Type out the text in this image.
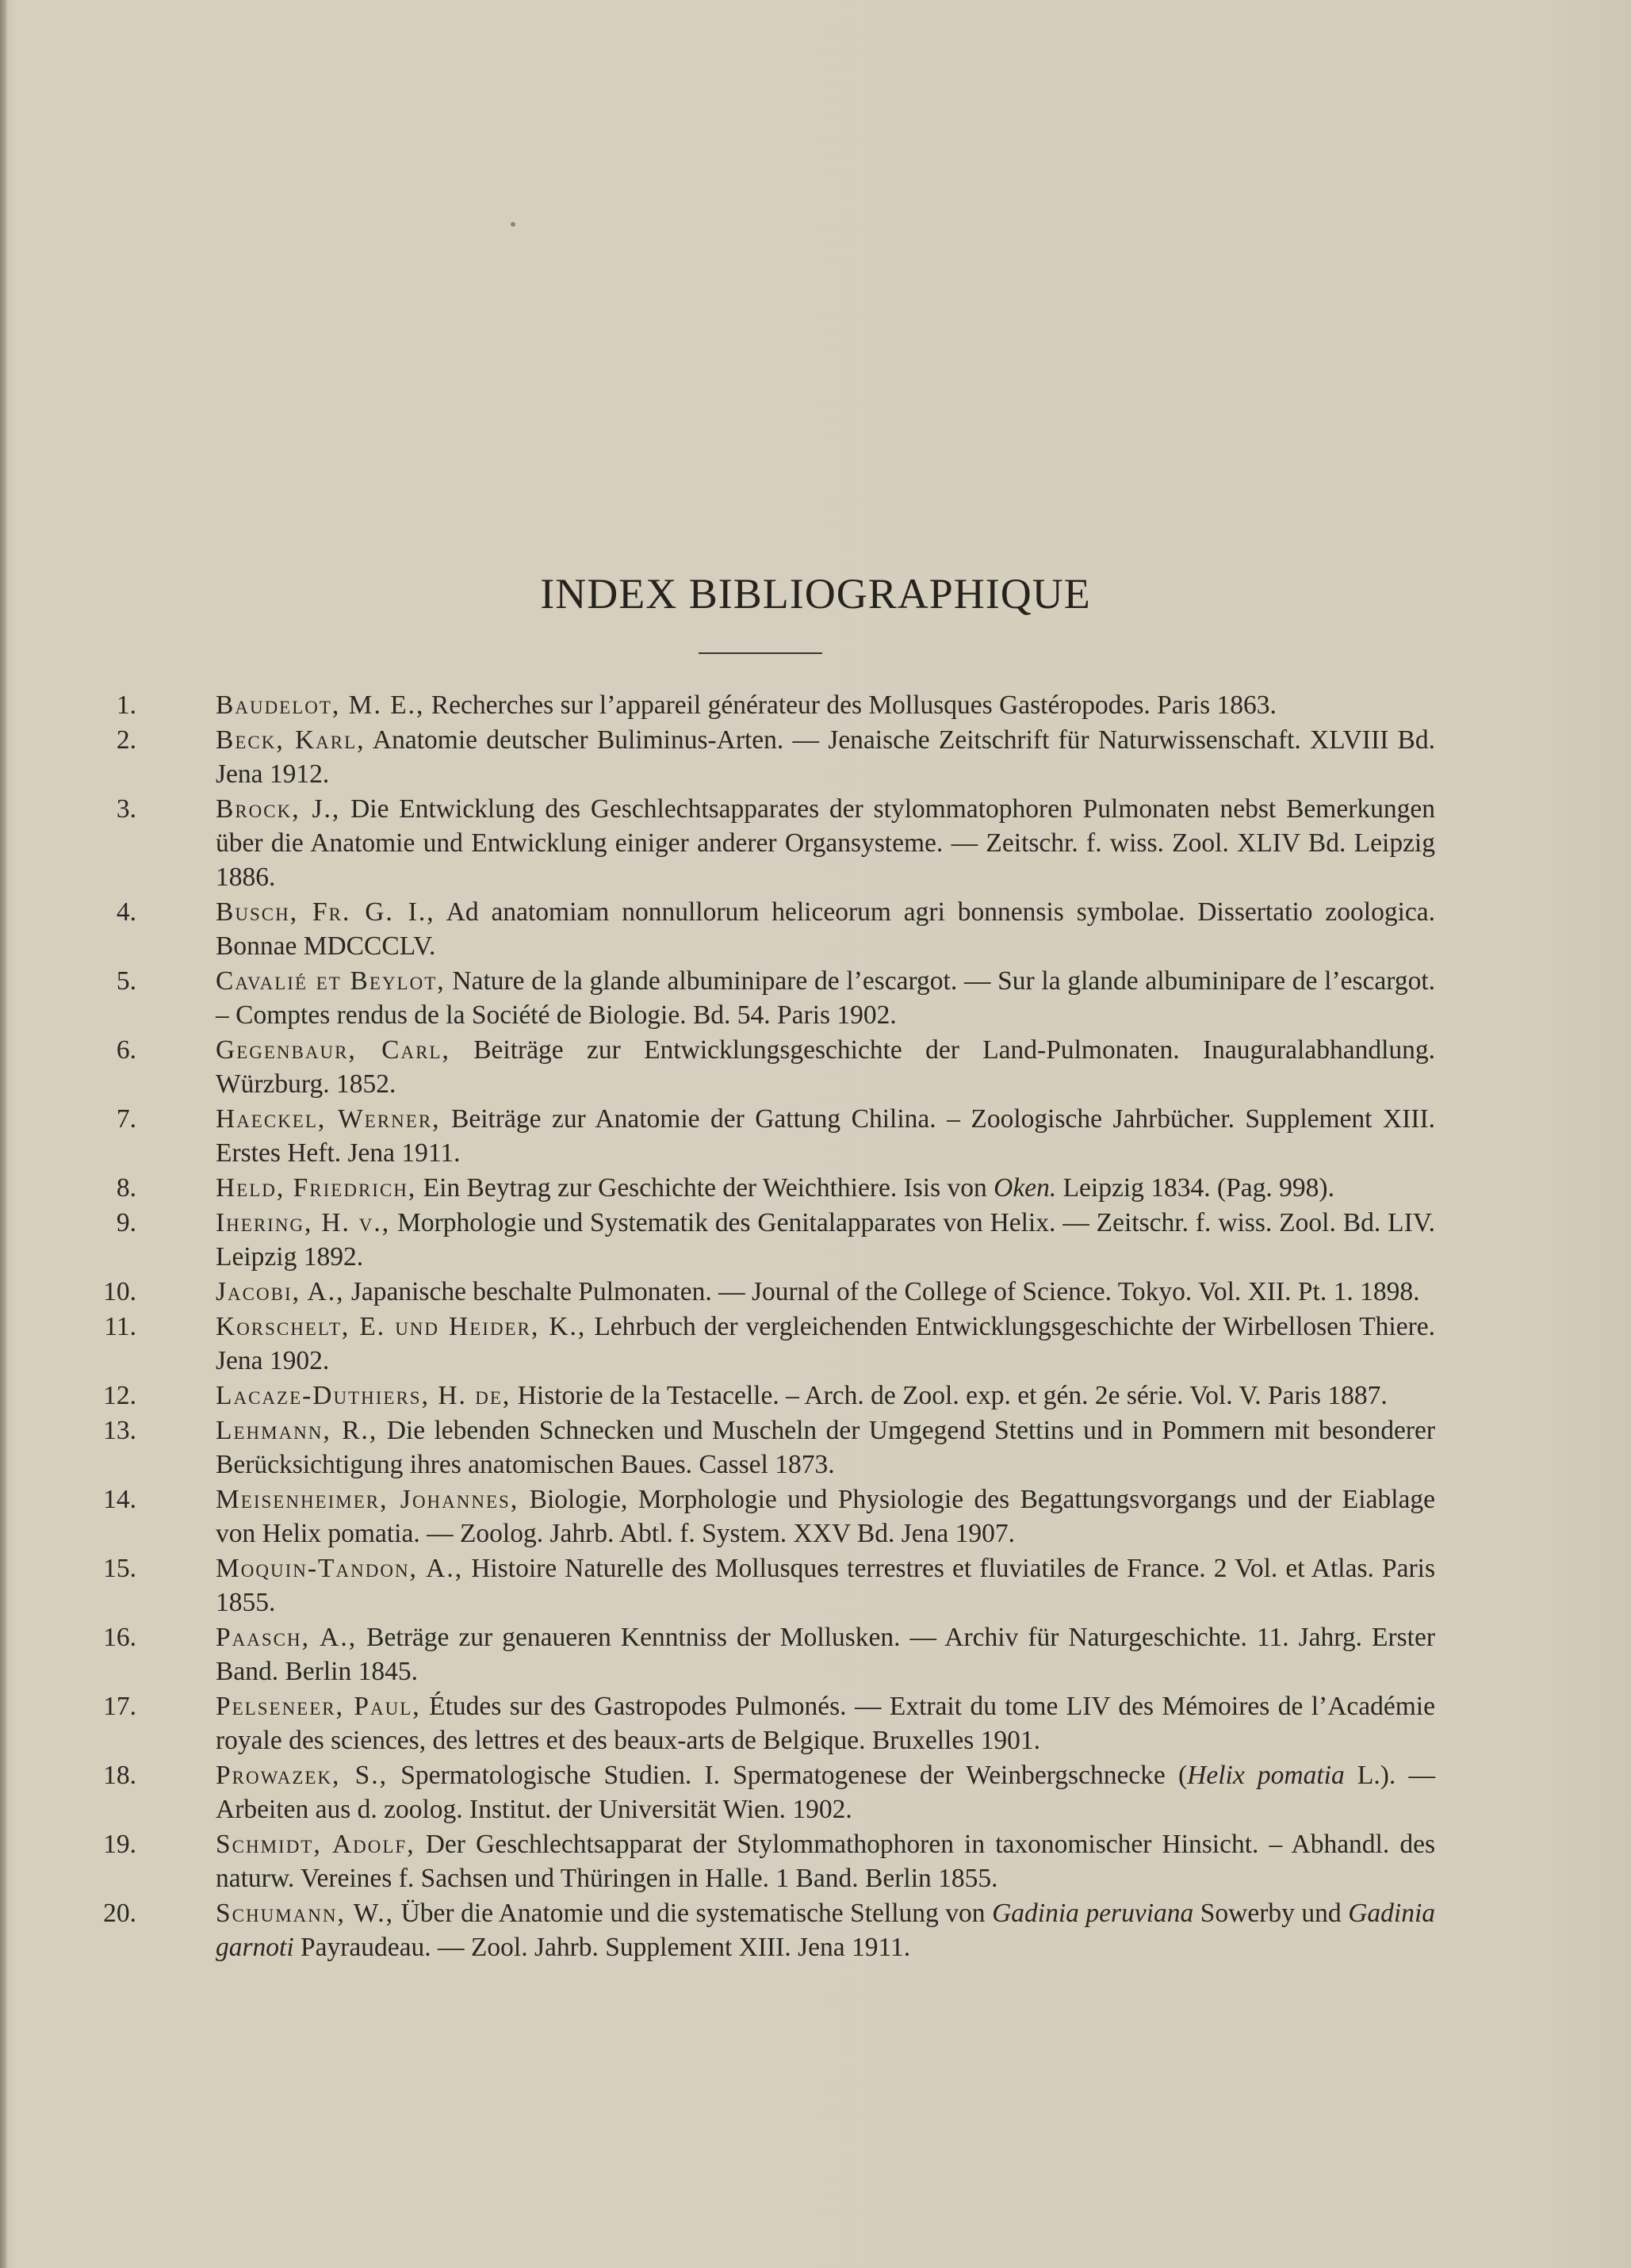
INDEX BIBLIOGRAPHIQUE
1.	Baudelot, M. E., Recherches sur l’appareil générateur des Mollusques Gastéropodes. Paris 1863.
2.	Beck, Karl, Anatomie deutscher Buliminus-Arten. — Jenaische Zeitschrift für Naturwissenschaft. XLVIII Bd. Jena 1912.
3.	Brock, J., Die Entwicklung des Geschlechtsapparates der stylommatophoren Pulmonaten nebst Bemerkungen über die Anatomie und Entwicklung einiger anderer Organsysteme. — Zeitschr. f. wiss. Zool. XLIV Bd. Leipzig 1886.
4.	Busch, Fr. G. I., Ad anatomiam nonnullorum heliceorum agri bonnensis symbolae. Dissertatio zoologica. Bonnae MDCCCLV.
5.	Cavalié et Beylot, Nature de la glande albuminipare de l’escargot. — Sur la glande albuminipare de l’escargot. – Comptes rendus de la Société de Biologie. Bd. 54. Paris 1902.
6.	Gegenbaur, Carl, Beiträge zur Entwicklungsgeschichte der Land-Pulmonaten. Inauguralabhandlung. Würzburg. 1852.
7.	Haeckel, Werner, Beiträge zur Anatomie der Gattung Chilina. – Zoologische Jahrbücher. Supplement XIII. Erstes Heft. Jena 1911.
8.	Held, Friedrich, Ein Beytrag zur Geschichte der Weichthiere. Isis von Oken. Leipzig 1834. (Pag. 998).
9.	Ihering, H. v., Morphologie und Systematik des Genitalapparates von Helix. — Zeitschr. f. wiss. Zool. Bd. LIV. Leipzig 1892.
10.	Jacobi, A., Japanische beschalte Pulmonaten. — Journal of the College of Science. Tokyo. Vol. XII. Pt. 1. 1898.
11.	Korschelt, E. und Heider, K., Lehrbuch der vergleichenden Entwicklungsgeschichte der Wirbellosen Thiere. Jena 1902.
12.	Lacaze-Duthiers, H. de, Historie de la Testacelle. – Arch. de Zool. exp. et gén. 2e série. Vol. V. Paris 1887.
13.	Lehmann, R., Die lebenden Schnecken und Muscheln der Umgegend Stettins und in Pommern mit besonderer Berücksichtigung ihres anatomischen Baues. Cassel 1873.
14.	Meisenheimer, Johannes, Biologie, Morphologie und Physiologie des Begattungsvorgangs und der Eiablage von Helix pomatia. — Zoolog. Jahrb. Abtl. f. System. XXV Bd. Jena 1907.
15.	Moquin-Tandon, A., Histoire Naturelle des Mollusques terrestres et fluviatiles de France. 2 Vol. et Atlas. Paris 1855.
16.	Paasch, A., Beträge zur genaueren Kenntniss der Mollusken. — Archiv für Naturgeschichte. 11. Jahrg. Erster Band. Berlin 1845.
17.	Pelseneer, Paul, Études sur des Gastropodes Pulmonés. — Extrait du tome LIV des Mémoires de l’Académie royale des sciences, des lettres et des beaux-arts de Belgique. Bruxelles 1901.
18.	Prowazek, S., Spermatologische Studien. I. Spermatogenese der Weinbergschnecke (Helix pomatia L.). — Arbeiten aus d. zoolog. Institut. der Universität Wien. 1902.
19.	Schmidt, Adolf, Der Geschlechtsapparat der Stylommathophoren in taxonomischer Hinsicht. – Abhandl. des naturw. Vereines f. Sachsen und Thüringen in Halle. 1 Band. Berlin 1855.
20.	Schumann, W., Über die Anatomie und die systematische Stellung von Gadinia peruviana Sowerby und Gadinia garnoti Payraudeau. — Zool. Jahrb. Supplement XIII. Jena 1911.
